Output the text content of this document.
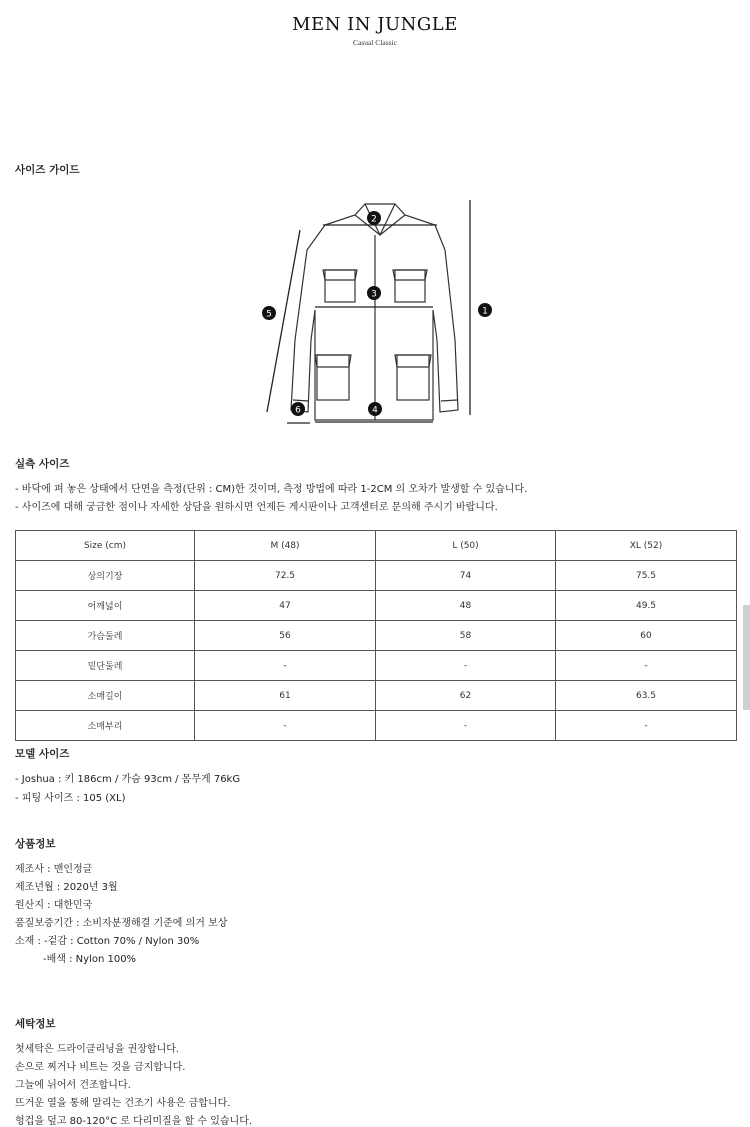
MEN IN JUNGLE
Casual Classic
사이즈 가이드
1
2
3
4
5
6
실측 사이즈
- 바닥에 펴 놓은 상태에서 단면을 측정(단위 : CM)한 것이며, 측정 방법에 따라 1-2CM 의 오차가 발생할 수 있습니다.
- 사이즈에 대해 궁금한 점이나 자세한 상담을 원하시면 언제든 게시판이나 고객센터로 문의해 주시기 바랍니다.
Size (cm)	M (48)	L (50)	XL (52)
상의기장	72.5	74	75.5
어깨넓이	47	48	49.5
가슴둘레	56	58	60
밑단둘레	-	-	-
소매길이	61	62	63.5
소매부리	-	-	-
모델 사이즈
- Joshua : 키 186cm / 가슴 93cm / 몸무게 76kG
- 피팅 사이즈 : 105 (XL)
상품정보
제조사 : 맨인정글
제조년월 : 2020년 3월
원산지 : 대한민국
품질보증기간 : 소비자분쟁해결 기준에 의거 보상
소재 : -겉감 : Cotton 70% / Nylon 30%
-배색 : Nylon 100%
세탁정보
첫세탁은 드라이클리닝을 권장합니다.
손으로 찌거나 비트는 것을 금지합니다.
그늘에 뉘어서 건조합니다.
뜨거운 열을 통해 말리는 건조기 사용은 금합니다.
헝겁을 덮고 80-120°C 로 다리미질을 할 수 있습니다.
